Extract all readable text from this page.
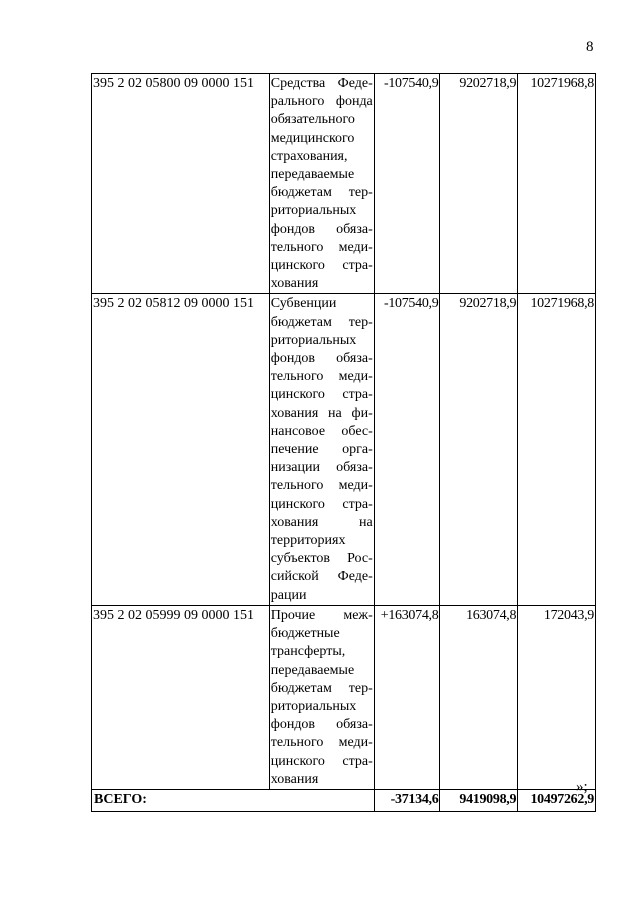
8
395 2 02 05800 09 0000 151	Средства Федерального фонда обязательного медицинского страхования, передаваемые бюджетам территориальных фондов обязательного медицинского страхования	-107540,9	9202718,9	10271968,8
395 2 02 05812 09 0000 151	Субвенции бюджетам территориальных фондов обязательного медицинского страхования на финансовое обеспечение организации обязательного медицинского страхования на территориях субъектов Российской Федерации	-107540,9	9202718,9	10271968,8
395 2 02 05999 09 0000 151	Прочие межбюджетные трансферты, передаваемые бюджетам территориальных фондов обязательного медицинского страхования	+163074,8	163074,8	172043,9
ВСЕГО:		-37134,6	9419098,9	10497262,9
»;
